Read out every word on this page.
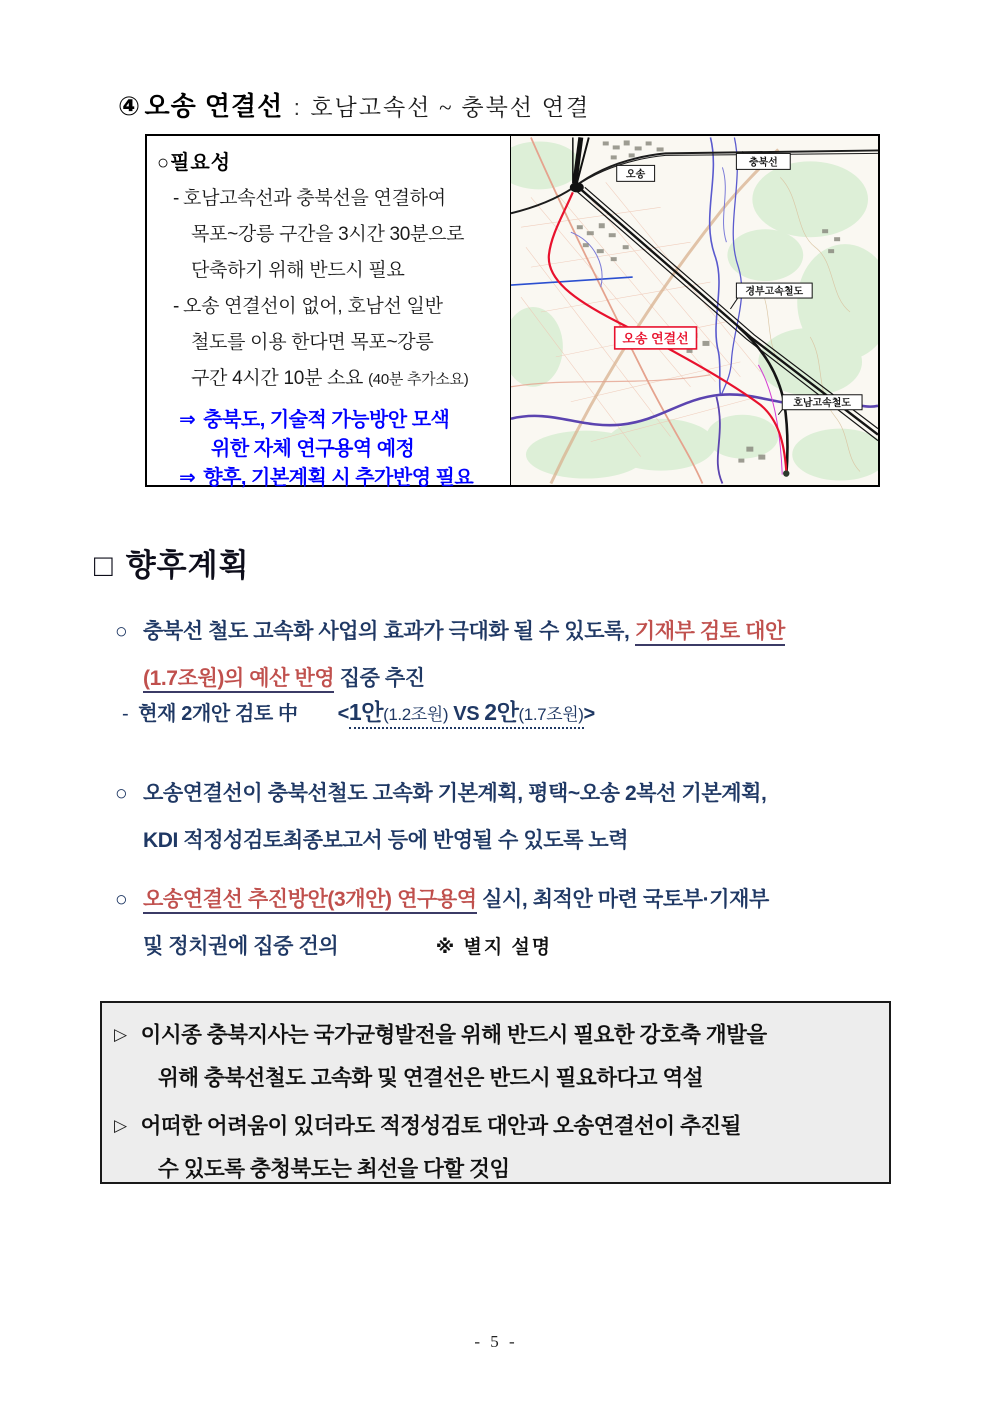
④ 오송 연결선 : 호남고속선 ~ 충북선 연결
○필요성
- 호남고속선과 충북선을 연결하여
목포~강릉 구간을 3시간 30분으로
단축하기 위해 반드시 필요
- 오송 연결선이 없어, 호남선 일반
철도를 이용 한다면 목포~강릉
구간 4시간 10분 소요 (40분 추가소요)
⇒ 충북도, 기술적 가능방안 모색
위한 자체 연구용역 예정
⇒ 향후, 기본계획 시 추가반영 필요
충북선
오송
경부고속철도
오송 연결선
호남고속철도
□ 향후계획
○ 충북선 철도 고속화 사업의 효과가 극대화 될 수 있도록, 기재부 검토 대안
(1.7조원)의 예산 반영 집중 추진
- 현재 2개안 검토 中 <1안(1.2조원) VS 2안(1.7조원)>
○ 오송연결선이 충북선철도 고속화 기본계획, 평택~오송 2복선 기본계획,
KDI 적정성검토최종보고서 등에 반영될 수 있도록 노력
○ 오송연결선 추진방안(3개안) 연구용역 실시, 최적안 마련 국토부·기재부
및 정치권에 집중 건의	※ 별지 설명
▷ 이시종 충북지사는 국가균형발전을 위해 반드시 필요한 강호축 개발을
위해 충북선철도 고속화 및 연결선은 반드시 필요하다고 역설
▷ 어떠한 어려움이 있더라도 적정성검토 대안과 오송연결선이 추진될
수 있도록 충청북도는 최선을 다할 것임
- 5 -
